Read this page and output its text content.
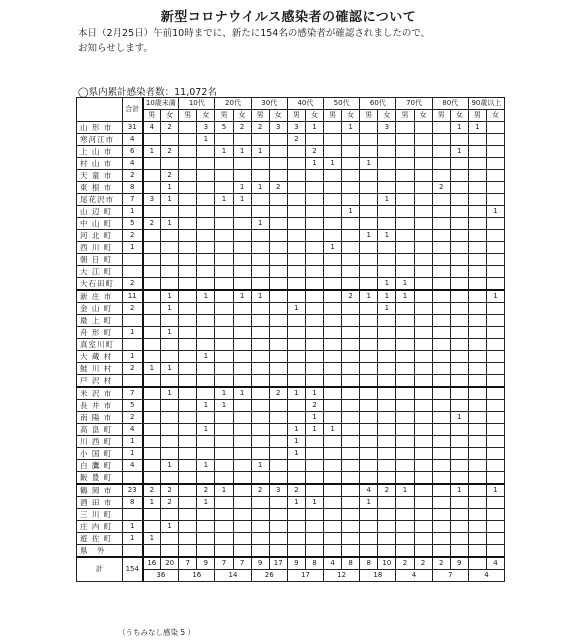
新型コロナウイルス感染者の確認について

本日（2月25日）午前10時までに、新たに154名の感染者が確認されましたので、

お知らせします。

◯県内累計感染者数：11,072名
	合計	10歳未満		10代		20代		30代		40代		50代		60代		70代		80代		90歳以上		
		男	女	男	女	男	女	男	女	男	女	男	女	男	女	男	女	男	女	男	女	
山 形 市	31	4	2		3	5	2	2	3	3	1		1		3				1	1		
寒河江市	4				1					2												
上 山 市	6	1	2			1	1	1			2								1			
村 山 市	4										1	1		1								
天 童 市	2		2																			
東 根 市	8		1				1	1	2									2				
尾花沢市	7	3	1			1	1								1							
山 辺 町	1												1								1	
中 山 町	5	2	1					1														
河 北 町	2													1	1							
西 川 町	1											1										
朝 日 町																						
大 江 町																						
大石田町	2														1	1						
新 庄 市	11		1		1		1	1					2	1	1	1					1	
金 山 町	2		1							1					1							
最 上 町																						
舟 形 町	1		1																			
真室川町																						
大 蔵 村	1				1																	
鮭 川 村	2	1	1																			
戸 沢 村																						
米 沢 市	7		1			1	1		2	1	1											
長 井 市	5				1	1					2											
南 陽 市	2										1								1			
高 畠 町	4				1					1	1	1										
川 西 町	1									1												
小 国 町	1									1												
白 鷹 町	4		1		1			1														
飯 豊 町																						
鶴 岡 市	23	2	2		2	1		2	3	2				4	2	1			1		1	
酒 田 市	8	1	2		1					1	1			1								
三 川 町																						
庄 内 町	1		1																			
遊 佐 町	1	1																				
県　外																						
計	154	16	20	7	9	7	7	9	17	9	8	4	8	8	10	2	2	2	9		4	
		36		16		14		26		17		12		18		4		7		4		
（うちみなし感染 5 ）
